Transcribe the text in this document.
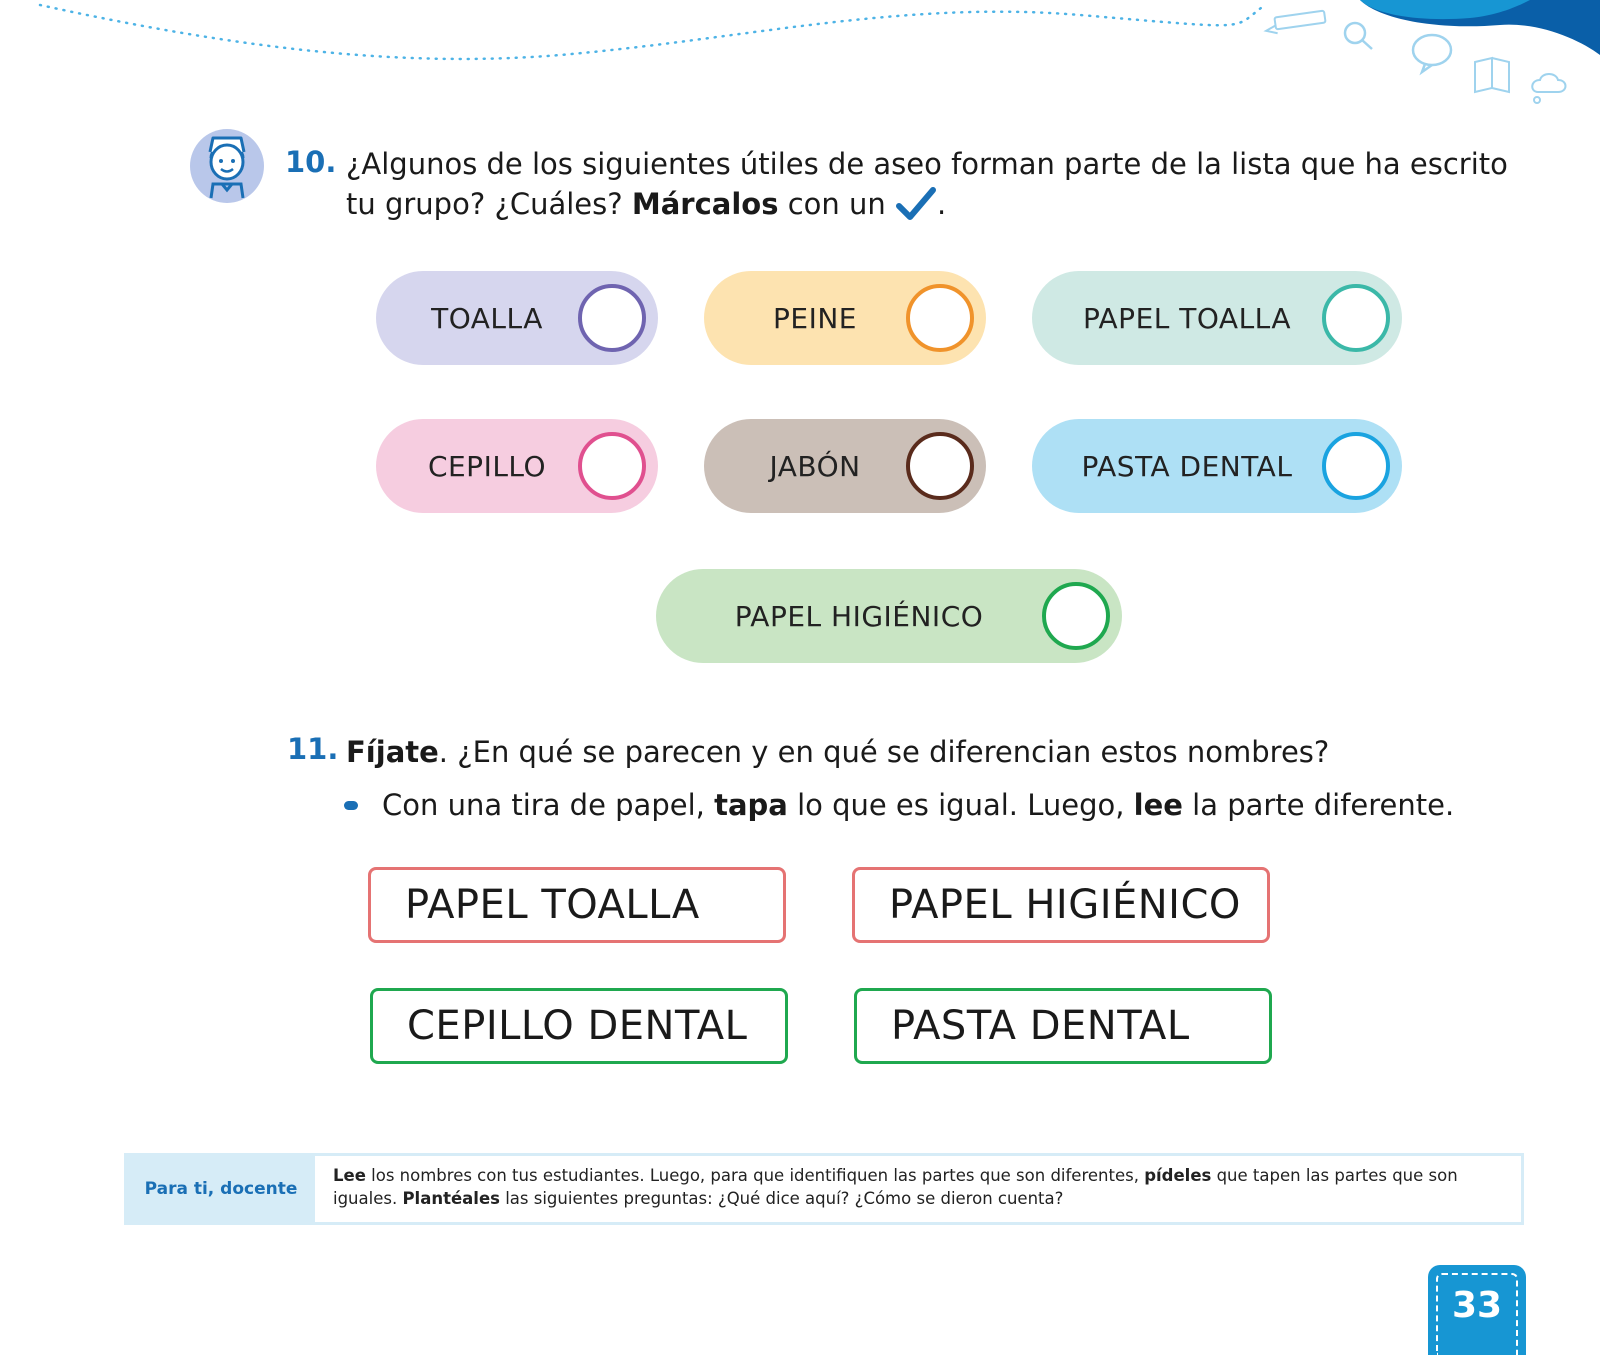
10. ¿Algunos de los siguientes útiles de aseo forman parte de la lista que ha escrito
tu grupo? ¿Cuáles? Márcalos con un .
TOALLA	PEINE	PAPEL TOALLA
CEPILLO	JABÓN	PASTA DENTAL
PAPEL HIGIÉNICO
11. Fíjate. ¿En qué se parecen y en qué se diferencian estos nombres?
Con una tira de papel, tapa lo que es igual. Luego, lee la parte diferente.
PAPEL TOALLA	PAPEL HIGIÉNICO
CEPILLO DENTAL	PASTA DENTAL
Para ti, docente
Lee los nombres con tus estudiantes. Luego, para que identifiquen las partes que son diferentes, pídeles que tapen las partes que son iguales. Plantéales las siguientes preguntas: ¿Qué dice aquí? ¿Cómo se dieron cuenta?
33
